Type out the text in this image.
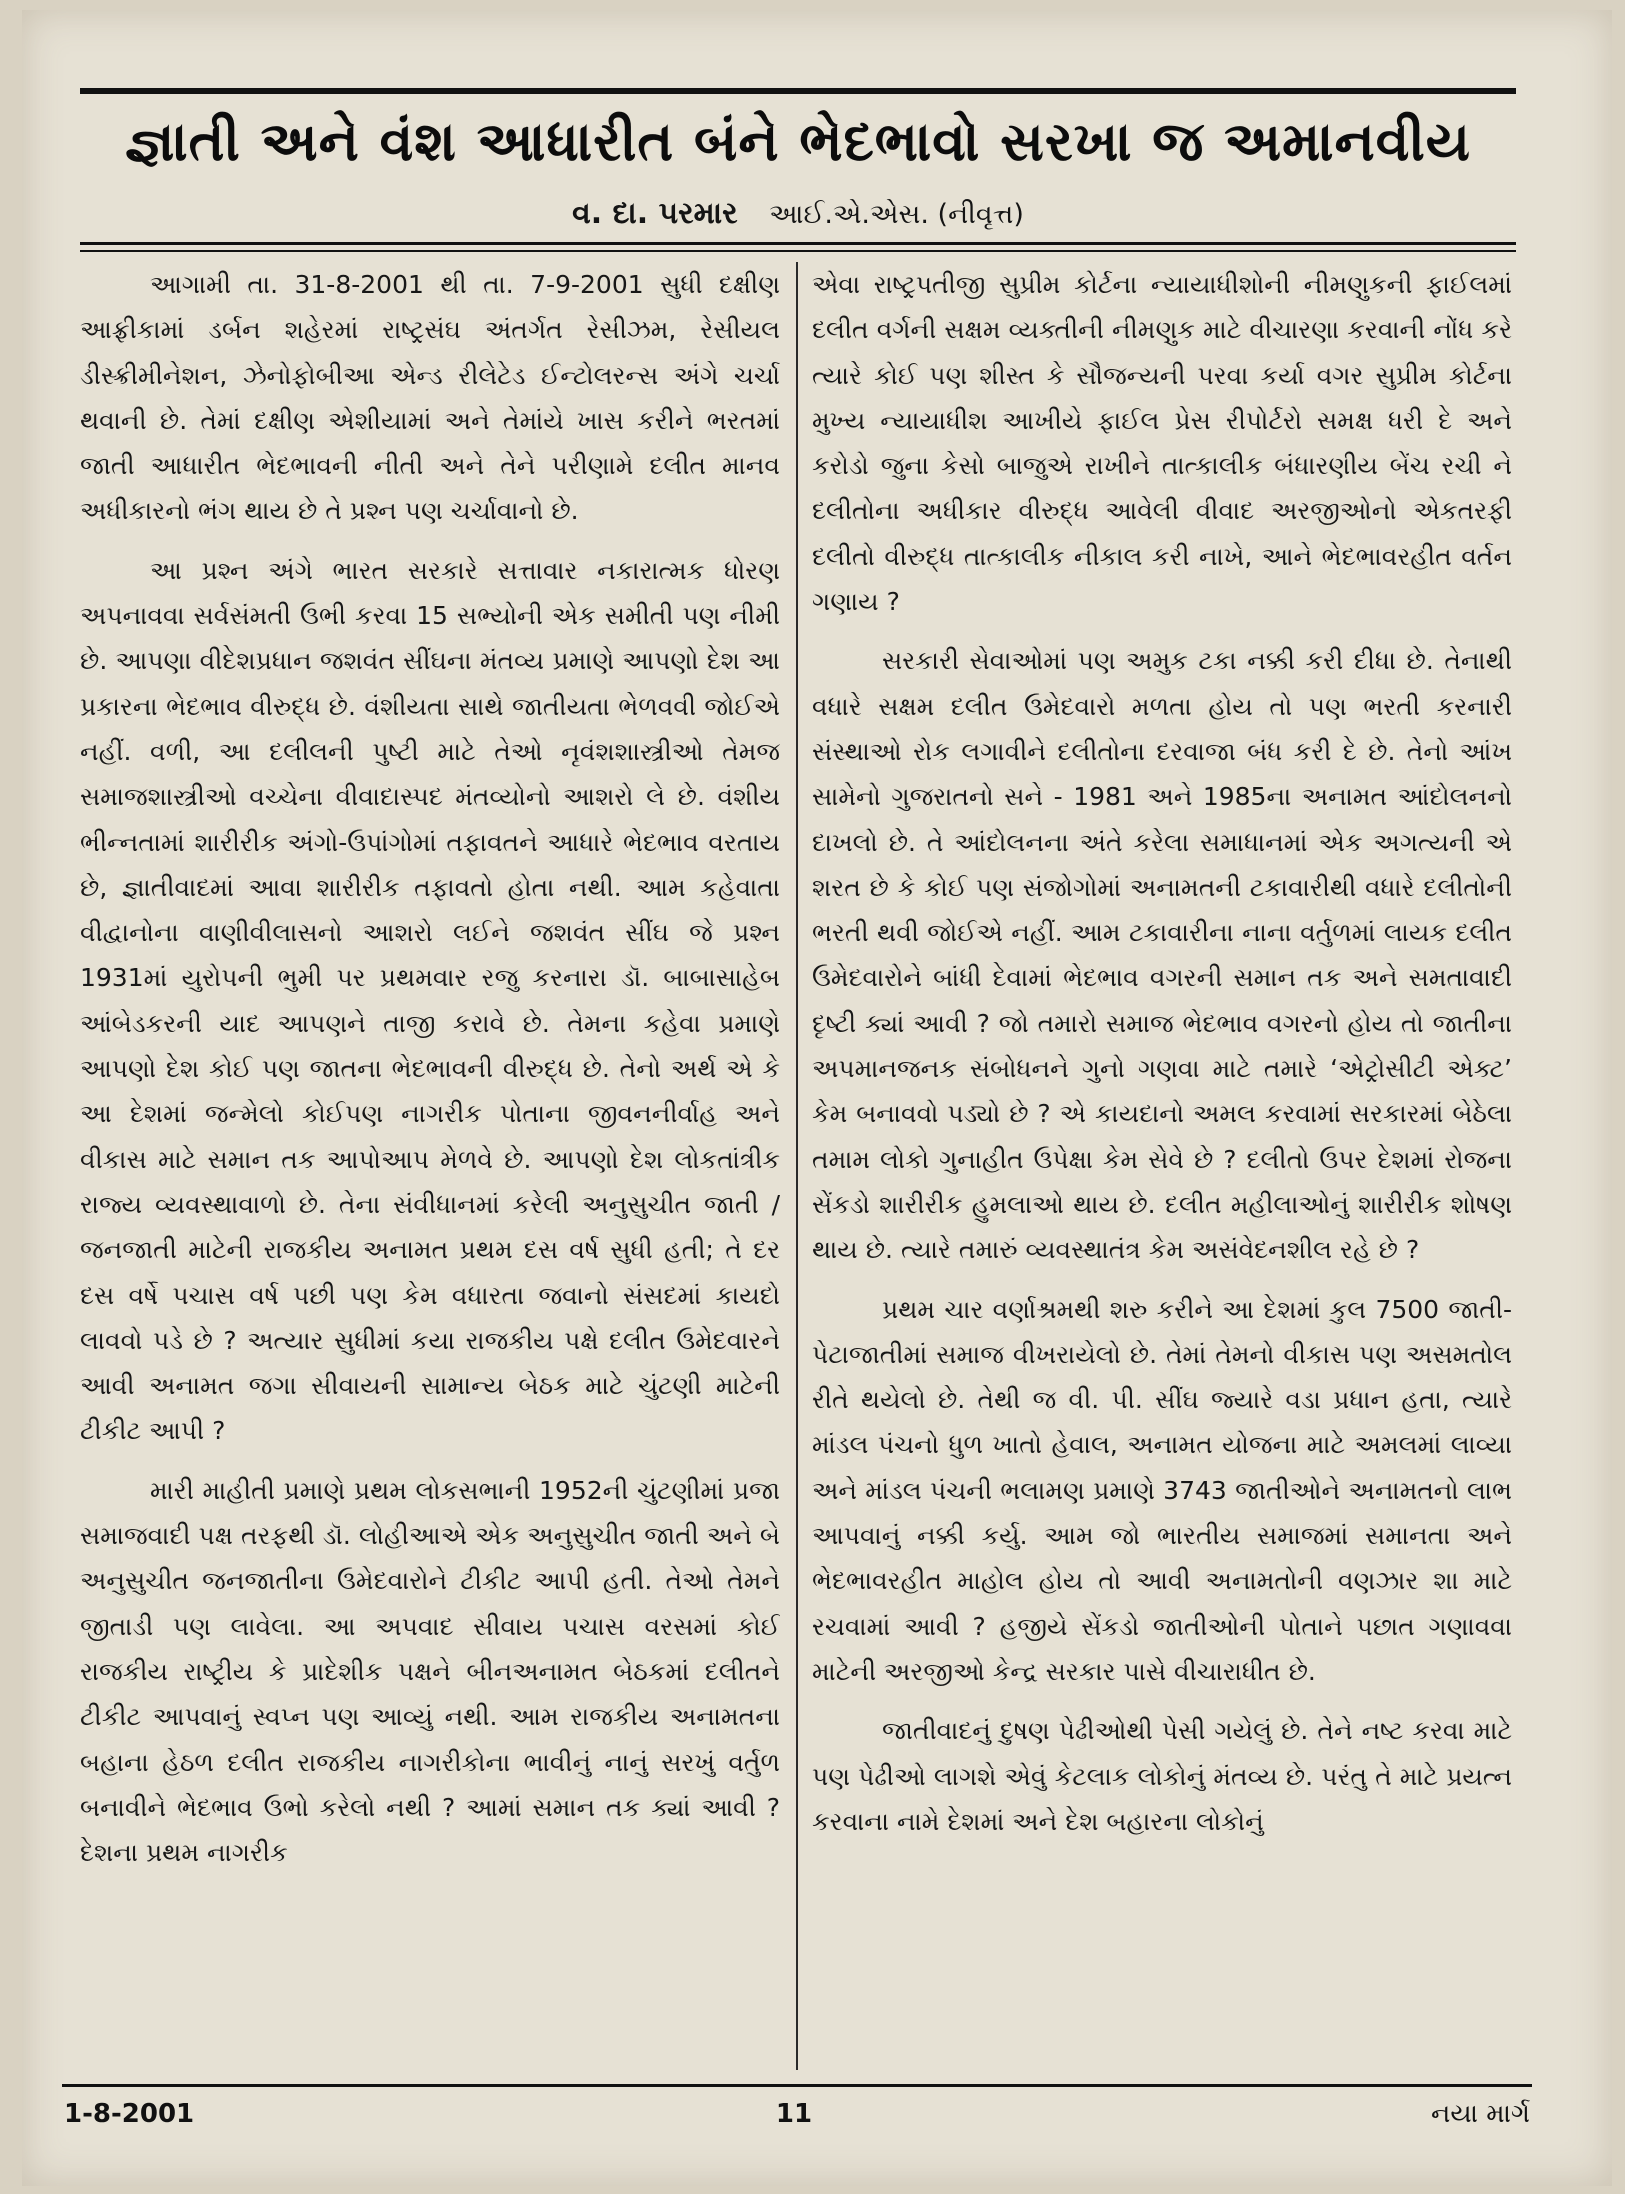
જ્ઞાતી અને વંશ આધારીત બંને ભેદભાવો સરખા જ અમાનવીય
વ. દા. પરમાર આઈ.એ.એસ. (નીવૃત્ત)

આગામી તા. 31-8-2001 થી તા. 7-9-2001 સુધી દક્ષીણ આફ્રીકામાં ડર્બન શહેરમાં રાષ્ટ્રસંઘ અંતર્ગત રેસીઝમ, રેસીયલ ડીસ્ક્રીમીનેશન, ઝેનોફોબીઆ એન્ડ રીલેટેડ ઈન્ટોલરન્સ અંગે ચર્ચા થવાની છે. તેમાં દક્ષીણ એશીયામાં અને તેમાંયે ખાસ કરીને ભરતમાં જાતી આધારીત ભેદભાવની નીતી અને તેને પરીણામે દલીત માનવ અધીકારનો ભંગ થાય છે તે પ્રશ્ન પણ ચર્ચાવાનો છે.

આ પ્રશ્ન અંગે ભારત સરકારે સત્તાવાર નકારાત્મક ધોરણ અપનાવવા સર્વસંમતી ઉભી કરવા 15 સભ્યોની એક સમીતી પણ નીમી છે. આપણા વીદેશપ્રધાન જશવંત સીંઘના મંતવ્ય પ્રમાણે આપણો દેશ આ પ્રકારના ભેદભાવ વીરુદ્ધ છે. વંશીયતા સાથે જાતીયતા ભેળવવી જોઈએ નહીં. વળી, આ દલીલની પુષ્ટી માટે તેઓ નૃવંશશાસ્ત્રીઓ તેમજ સમાજશાસ્ત્રીઓ વચ્ચેના વીવાદાસ્પદ મંતવ્યોનો આશરો લે છે. વંશીય ભીન્નતામાં શારીરીક અંગો-ઉપાંગોમાં તફાવતને આધારે ભેદભાવ વરતાય છે, જ્ઞાતીવાદમાં આવા શારીરીક તફાવતો હોતા નથી. આમ કહેવાતા વીદ્વાનોના વાણીવીલાસનો આશરો લઈને જશવંત સીંઘ જે પ્રશ્ન 1931માં યુરોપની ભુમી પર પ્રથમવાર રજુ કરનારા ડૉ. બાબાસાહેબ આંબેડકરની યાદ આપણને તાજી કરાવે છે. તેમના કહેવા પ્રમાણે આપણો દેશ કોઈ પણ જાતના ભેદભાવની વીરુદ્ધ છે. તેનો અર્થ એ કે આ દેશમાં જન્મેલો કોઈપણ નાગરીક પોતાના જીવનનીર્વાહ અને વીકાસ માટે સમાન તક આપોઆપ મેળવે છે. આપણો દેશ લોકતાંત્રીક રાજ્ય વ્યવસ્થાવાળો છે. તેના સંવીધાનમાં કરેલી અનુસુચીત જાતી / જનજાતી માટેની રાજકીય અનામત પ્રથમ દસ વર્ષ સુધી હતી; તે દર દસ વર્ષે પચાસ વર્ષ પછી પણ કેમ વધારતા જવાનો સંસદમાં કાયદો લાવવો પડે છે ? અત્યાર સુધીમાં કયા રાજકીય પક્ષે દલીત ઉમેદવારને આવી અનામત જગા સીવાયની સામાન્ય બેઠક માટે ચુંટણી માટેની ટીકીટ આપી ?

મારી માહીતી પ્રમાણે પ્રથમ લોકસભાની 1952ની ચુંટણીમાં પ્રજા સમાજવાદી પક્ષ તરફથી ડૉ. લોહીઆએ એક અનુસુચીત જાતી અને બે અનુસુચીત જનજાતીના ઉમેદવારોને ટીકીટ આપી હતી. તેઓ તેમને જીતાડી પણ લાવેલા. આ અપવાદ સીવાય પચાસ વરસમાં કોઈ રાજકીય રાષ્ટ્રીય કે પ્રાદેશીક પક્ષને બીનઅનામત બેઠકમાં દલીતને ટીકીટ આપવાનું સ્વપ્ન પણ આવ્યું નથી. આમ રાજકીય અનામતના બહાના હેઠળ દલીત રાજકીય નાગરીકોના ભાવીનું નાનું સરખું વર્તુળ બનાવીને ભેદભાવ ઉભો કરેલો નથી ? આમાં સમાન તક ક્યાં આવી ? દેશના પ્રથમ નાગરીક

એવા રાષ્ટ્રપતીજી સુપ્રીમ કોર્ટના ન્યાયાધીશોની નીમણુકની ફાઈલમાં દલીત વર્ગની સક્ષમ વ્યક્તીની નીમણુક માટે વીચારણા કરવાની નોંધ કરે ત્યારે કોઈ પણ શીસ્ત કે સૌજન્યની પરવા કર્યા વગર સુપ્રીમ કોર્ટના મુખ્ય ન્યાયાધીશ આખીયે ફાઈલ પ્રેસ રીપોર્ટરો સમક્ષ ધરી દે અને કરોડો જુના કેસો બાજુએ રાખીને તાત્કાલીક બંધારણીય બેંચ રચી ને દલીતોના અધીકાર વીરુદ્ધ આવેલી વીવાદ અરજીઓનો એકતરફી દલીતો વીરુદ્ધ તાત્કાલીક નીકાલ કરી નાખે, આને ભેદભાવરહીત વર્તન ગણાય ?

સરકારી સેવાઓમાં પણ અમુક ટકા નક્કી કરી દીધા છે. તેનાથી વધારે સક્ષમ દલીત ઉમેદવારો મળતા હોય તો પણ ભરતી કરનારી સંસ્થાઓ રોક લગાવીને દલીતોના દરવાજા બંધ કરી દે છે. તેનો આંખ સામેનો ગુજરાતનો સને - 1981 અને 1985ના અનામત આંદોલનનો દાખલો છે. તે આંદોલનના અંતે કરેલા સમાધાનમાં એક અગત્યની એ શરત છે કે કોઈ પણ સંજોગોમાં અનામતની ટકાવારીથી વધારે દલીતોની ભરતી થવી જોઈએ નહીં. આમ ટકાવારીના નાના વર્તુળમાં લાયક દલીત ઉમેદવારોને બાંધી દેવામાં ભેદભાવ વગરની સમાન તક અને સમતાવાદી દૃષ્ટી ક્યાં આવી ? જો તમારો સમાજ ભેદભાવ વગરનો હોય તો જાતીના અપમાનજનક સંબોધનને ગુનો ગણવા માટે તમારે ‘એટ્રોસીટી એક્ટ’ કેમ બનાવવો પડ્યો છે ? એ કાયદાનો અમલ કરવામાં સરકારમાં બેઠેલા તમામ લોકો ગુનાહીત ઉપેક્ષા કેમ સેવે છે ? દલીતો ઉપર દેશમાં રોજના સેંકડો શારીરીક હુમલાઓ થાય છે. દલીત મહીલાઓનું શારીરીક શોષણ થાય છે. ત્યારે તમારું વ્યવસ્થાતંત્ર કેમ અસંવેદનશીલ રહે છે ?

પ્રથમ ચાર વર્ણાશ્રમથી શરુ કરીને આ દેશમાં કુલ 7500 જાતી-પેટાજાતીમાં સમાજ વીખરાયેલો છે. તેમાં તેમનો વીકાસ પણ અસમતોલ રીતે થયેલો છે. તેથી જ વી. પી. સીંઘ જ્યારે વડા પ્રધાન હતા, ત્યારે માંડલ પંચનો ધુળ ખાતો હેવાલ, અનામત યોજના માટે અમલમાં લાવ્યા અને માંડલ પંચની ભલામણ પ્રમાણે 3743 જાતીઓને અનામતનો લાભ આપવાનું નક્કી કર્યુ. આમ જો ભારતીય સમાજમાં સમાનતા અને ભેદભાવરહીત માહોલ હોય તો આવી અનામતોની વણઝાર શા માટે રચવામાં આવી ? હજીયે સેંકડો જાતીઓની પોતાને પછાત ગણાવવા માટેની અરજીઓ કેન્દ્ર સરકાર પાસે વીચારાધીત છે.

જાતીવાદનું દુષણ પેઢીઓથી પેસી ગયેલું છે. તેને નષ્ટ કરવા માટે પણ પેઢીઓ લાગશે એવું કેટલાક લોકોનું મંતવ્ય છે. પરંતુ તે માટે પ્રયત્ન કરવાના નામે દેશમાં અને દેશ બહારના લોકોનું

1-8-2001	11	નયા માર્ગ
